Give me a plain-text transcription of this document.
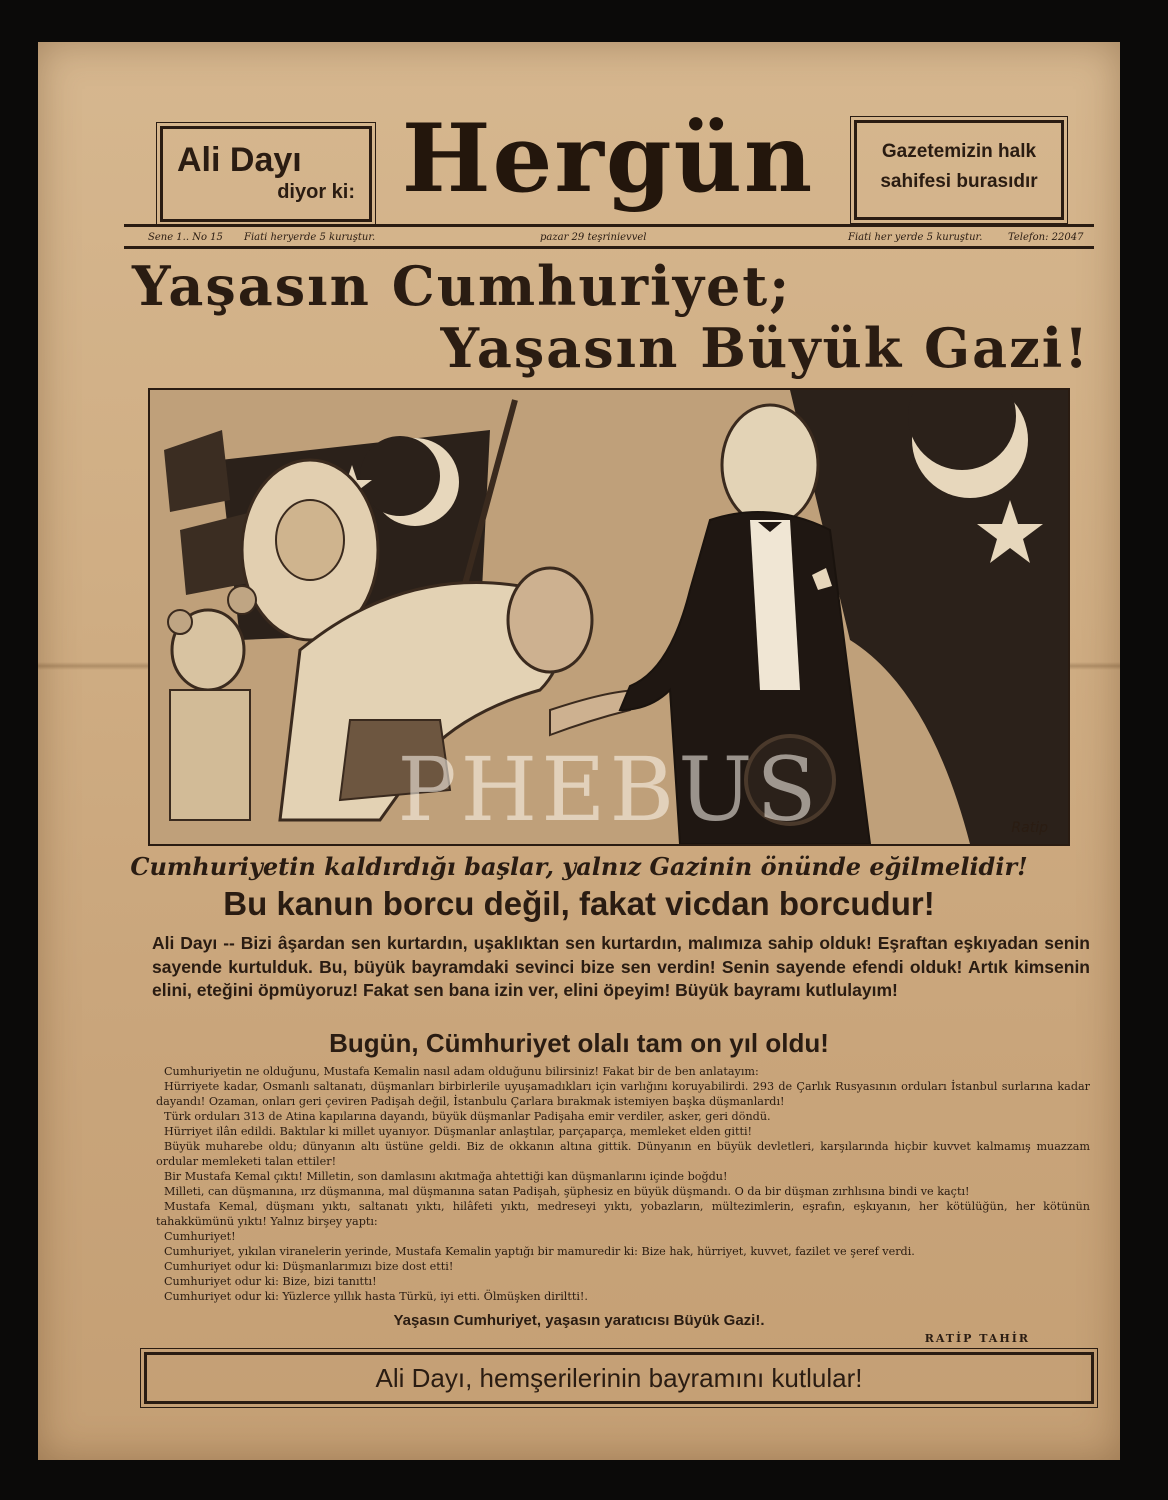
Ali Dayı
diyor ki: Hergün	Gazetemizin halk sahifesi burasıdır
Sene 1.. No 15 Fiati heryerde 5 kuruştur.	pazar 29 teşrinievvel	Fiati her yerde 5 kuruştur.	Telefon: 22047
Yaşasın Cumhuriyet;
Yaşasın Büyük Gazi!
PHEBUS	Ratip
Cumhuriyetin kaldırdığı başlar, yalnız Gazinin önünde eğilmelidir!
Bu kanun borcu değil, fakat vicdan borcudur!
Ali Dayı -- Bizi âşardan sen kurtardın, uşaklıktan sen kurtardın, malımıza sahip olduk! Eşraftan eşkıyadan senin sayende kurtulduk. Bu, büyük bayramdaki sevinci bize sen verdin! Senin sayende efendi olduk! Artık kimsenin elini, eteğini öpmüyoruz! Fakat sen bana izin ver, elini öpeyim! Büyük bayramı kutlulayım!
Bugün, Cümhuriyet olalı tam on yıl oldu!

Cumhuriyetin ne olduğunu, Mustafa Kemalin nasıl adam olduğunu bilirsiniz! Fakat bir de ben anlatayım:

Hürriyete kadar, Osmanlı saltanatı, düşmanları birbirlerile uyuşamadıkları için varlığını koruyabilirdi. 293 de Çarlık Rusyasının orduları İstanbul surlarına kadar dayandı! Ozaman, onları geri çeviren Padişah değil, İstanbulu Çarlara bırakmak istemiyen başka düşmanlardı!

Türk orduları 313 de Atina kapılarına dayandı, büyük düşmanlar Padişaha emir verdiler, asker, geri döndü.

Hürriyet ilân edildi. Baktılar ki millet uyanıyor. Düşmanlar anlaştılar, parçaparça, memleket elden gitti!

Büyük muharebe oldu; dünyanın altı üstüne geldi. Biz de okkanın altına gittik. Dünyanın en büyük devletleri, karşılarında hiçbir kuvvet kalmamış muazzam ordular memleketi talan ettiler!

Bir Mustafa Kemal çıktı! Milletin, son damlasını akıtmağa ahtettiği kan düşmanlarını içinde boğdu!

Milleti, can düşmanına, ırz düşmanına, mal düşmanına satan Padişah, şüphesiz en büyük düşmandı. O da bir düşman zırhlısına bindi ve kaçtı!

Mustafa Kemal, düşmanı yıktı, saltanatı yıktı, hilâfeti yıktı, medreseyi yıktı, yobazların, mültezimlerin, eşrafın, eşkıyanın, her kötülüğün, her kötünün tahakkümünü yıktı! Yalnız birşey yaptı:

Cumhuriyet!

Cumhuriyet, yıkılan viranelerin yerinde, Mustafa Kemalin yaptığı bir mamuredir ki: Bize hak, hürriyet, kuvvet, fazilet ve şeref verdi.

Cumhuriyet odur ki: Düşmanlarımızı bize dost etti!

Cumhuriyet odur ki: Bize, bizi tanıttı!

Cumhuriyet odur ki: Yüzlerce yıllık hasta Türkü, iyi etti. Ölmüşken diriltti!.

Yaşasın Cumhuriyet, yaşasın yaratıcısı Büyük Gazi!.
RATİP TAHİR
Ali Dayı, hemşerilerinin bayramını kutlular!
